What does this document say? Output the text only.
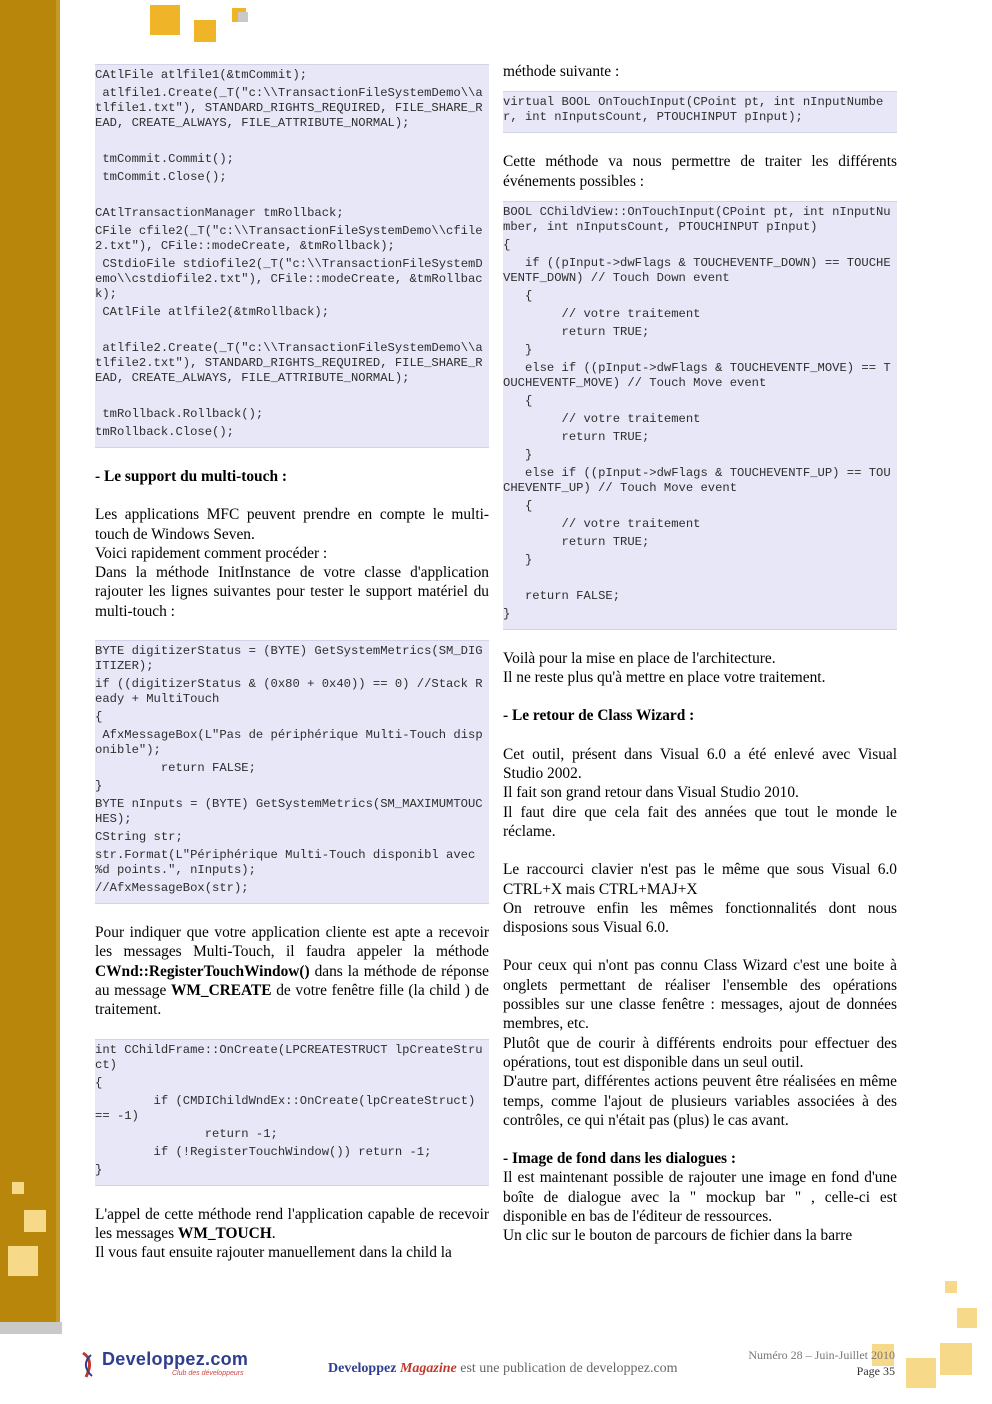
CAtlFile atlfile1(&tmCommit);
atlfile1.Create(_T("c:\\TransactionFileSystemDemo\\atlfile1.txt"), STANDARD_RIGHTS_REQUIRED, FILE_SHARE_READ, CREATE_ALWAYS, FILE_ATTRIBUTE_NORMAL);
tmCommit.Commit();
tmCommit.Close();
CAtlTransactionManager tmRollback;
CFile cfile2(_T("c:\\TransactionFileSystemDemo\\cfile2.txt"), CFile::modeCreate, &tmRollback);
CStdioFile stdiofile2(_T("c:\\TransactionFileSystemDemo\\cstdiofile2.txt"), CFile::modeCreate, &tmRollback);
CAtlFile atlfile2(&tmRollback);
atlfile2.Create(_T("c:\\TransactionFileSystemDemo\\atlfile2.txt"), STANDARD_RIGHTS_REQUIRED, FILE_SHARE_READ, CREATE_ALWAYS, FILE_ATTRIBUTE_NORMAL);
tmRollback.Rollback();
tmRollback.Close();
- Le support du multi-touch :

Les applications MFC peuvent prendre en compte le multi-touch de Windows Seven.

Voici rapidement comment procéder :

Dans la méthode InitInstance de votre classe d'application rajouter les lignes suivantes pour tester le support matériel du multi-touch :

BYTE digitizerStatus = (BYTE) GetSystemMetrics(SM_DIGITIZER);
if ((digitizerStatus & (0x80 + 0x40)) == 0) //Stack Ready + MultiTouch
{
AfxMessageBox(L"Pas de périphérique Multi-Touch disponible");
return FALSE;
}
BYTE nInputs = (BYTE) GetSystemMetrics(SM_MAXIMUMTOUCHES);
CString str;
str.Format(L"Périphérique Multi-Touch disponibl avec  %d points.", nInputs);
//AfxMessageBox(str);

Pour indiquer que votre application cliente est apte a recevoir les messages Multi-Touch, il faudra appeler la méthode CWnd::RegisterTouchWindow() dans la méthode de réponse au message WM_CREATE de votre fenêtre fille (la child ) de traitement.

int CChildFrame::OnCreate(LPCREATESTRUCT lpCreateStruct)
{
if (CMDIChildWndEx::OnCreate(lpCreateStruct) == -1)
return -1;
if (!RegisterTouchWindow()) return -1;
}

L'appel de cette méthode rend l'application capable de recevoir les messages WM_TOUCH.

Il vous faut ensuite rajouter manuellement dans la child la

méthode suivante :

virtual BOOL OnTouchInput(CPoint pt, int nInputNumber, int nInputsCount, PTOUCHINPUT pInput);

Cette méthode va nous permettre de traiter les différents événements possibles :

BOOL CChildView::OnTouchInput(CPoint pt, int nInputNumber, int nInputsCount, PTOUCHINPUT pInput)
{
if ((pInput->dwFlags & TOUCHEVENTF_DOWN) == TOUCHEVENTF_DOWN) // Touch Down event
{
// votre traitement
return TRUE;
}
else if ((pInput->dwFlags & TOUCHEVENTF_MOVE) == TOUCHEVENTF_MOVE) // Touch Move event
{
// votre traitement
return TRUE;
}
else if ((pInput->dwFlags & TOUCHEVENTF_UP) == TOUCHEVENTF_UP) // Touch Move event
{
// votre traitement
return TRUE;
}
return FALSE;
}

Voilà pour la mise en place de l'architecture.

Il ne reste plus qu'à mettre en place votre traitement.

- Le retour de Class Wizard :

Cet outil, présent dans Visual 6.0 a été enlevé avec Visual Studio 2002.

Il fait son grand retour dans Visual Studio 2010.

Il faut dire que cela fait des années que tout le monde le réclame.

Le raccourci clavier n'est pas le même que sous Visual 6.0 CTRL+X mais CTRL+MAJ+X

On retrouve enfin les mêmes fonctionnalités dont nous disposions sous Visual 6.0.

Pour ceux qui n'ont pas connu Class Wizard c'est une boite à onglets permettant de réaliser l'ensemble des opérations possibles sur une classe fenêtre : messages, ajout de données membres, etc.

Plutôt que de courir à différents endroits pour effectuer des opérations, tout est disponible dans un seul outil.

D'autre part, différentes actions peuvent être réalisées en même temps, comme l'ajout de plusieurs variables associées à des contrôles, ce qui n'était pas (plus) le cas avant.

- Image de fond dans les dialogues :

Il est maintenant possible de rajouter une image en fond d'une boîte de dialogue avec la " mockup bar " , celle-ci est disponible en bas de l'éditeur de ressources.

Un clic sur le bouton de parcours de fichier dans la barre

Developpez.com
Club des développeurs	Developpez Magazine est une publication de developpez.com
Numéro 28 – Juin-Juillet 2010
Page 35
